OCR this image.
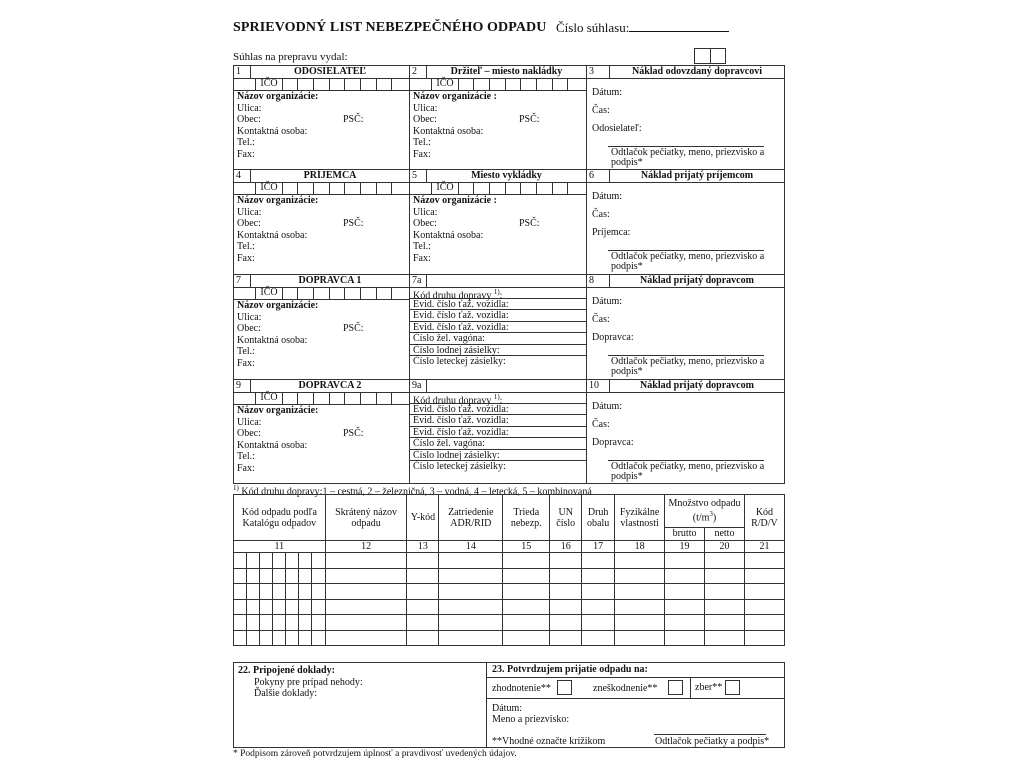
SPRIEVODNÝ LIST NEBEZPEČNÉHO ODPADU Číslo súhlasu:
Súhlas na prepravu vydal:
1	ODOSIELATEĽ
IČO
Názov organizácie:
Ulica:
Obec:	PSČ:
Kontaktná osoba:
Tel.:
Fax:
2	Držiteľ – miesto nakládky
IČO
Názov organizácie :
Ulica:
Obec:	PSČ:
Kontaktná osoba:
Tel.:
Fax:
3	Náklad odovzdaný dopravcovi
Dátum:
Čas:
Odosielateľ:
Odtlačok pečiatky, meno, priezvisko a podpis*
4	PRÍJEMCA
IČO
Názov organizácie:
Ulica:
Obec:	PSČ:
Kontaktná osoba:
Tel.:
Fax:
5	Miesto vykládky
IČO
Názov organizácie :
Ulica:
Obec:	PSČ:
Kontaktná osoba:
Tel.:
Fax:
6	Náklad prijatý príjemcom
Dátum:
Čas:
Príjemca:
Odtlačok pečiatky, meno, priezvisko a podpis*
7	DOPRAVCA 1
IČO
Názov organizácie:
Ulica:
Obec:	PSČ:
Kontaktná osoba:
Tel.:
Fax:
7a
Kód druhu dopravy $^{1)}$:
Evid. číslo ťaž. vozidla:
Evid. číslo ťaž. vozidla:
Evid. číslo ťaž. vozidla:
Číslo žel. vagóna:
Číslo lodnej zásielky:
Číslo leteckej zásielky:
8	Náklad prijatý dopravcom
Dátum:
Čas:
Dopravca:
Odtlačok pečiatky, meno, priezvisko a podpis*
9	DOPRAVCA 2
IČO
Názov organizácie:
Ulica:
Obec:	PSČ:
Kontaktná osoba:
Tel.:
Fax:
9a
Kód druhu dopravy $^{1)}$:
Evid. číslo ťaž. vozidla:
Evid. číslo ťaž. vozidla:
Evid. číslo ťaž. vozidla:
Číslo žel. vagóna:
Číslo lodnej zásielky:
Číslo leteckej zásielky:
10	Náklad prijatý dopravcom
Dátum:
Čas:
Dopravca:
Odtlačok pečiatky, meno, priezvisko a podpis*
$^{1)}$ Kód druhu dopravy:1 – cestná, 2 – železničná, 3 – vodná, 4 – letecká, 5 – kombinovaná
Kód odpadu podľa Katalógu odpadov							Skrátený názov odpadu	Y-kód	Zatriedenie ADR/RID	Trieda nebezp.	UN číslo	Druh obalu	Fyzikálne vlastnosti	Množstvo odpadu $(t/m^3)$		Kód R/D/V
														brutto	netto	
11							12	13	14	15	16	17	18	19	20	21

22. Pripojené doklady:
Pokyny pre prípad nehody:
Ďalšie doklady:
23. Potvrdzujem prijatie odpadu na:
zhodnotenie**	zneškodnenie**	zber**
Dátum:
Meno a priezvisko:
**Vhodné označte krížikom	Odtlačok pečiatky a podpis*
* Podpisom zároveň potvrdzujem úplnosť a pravdivosť uvedených údajov.
